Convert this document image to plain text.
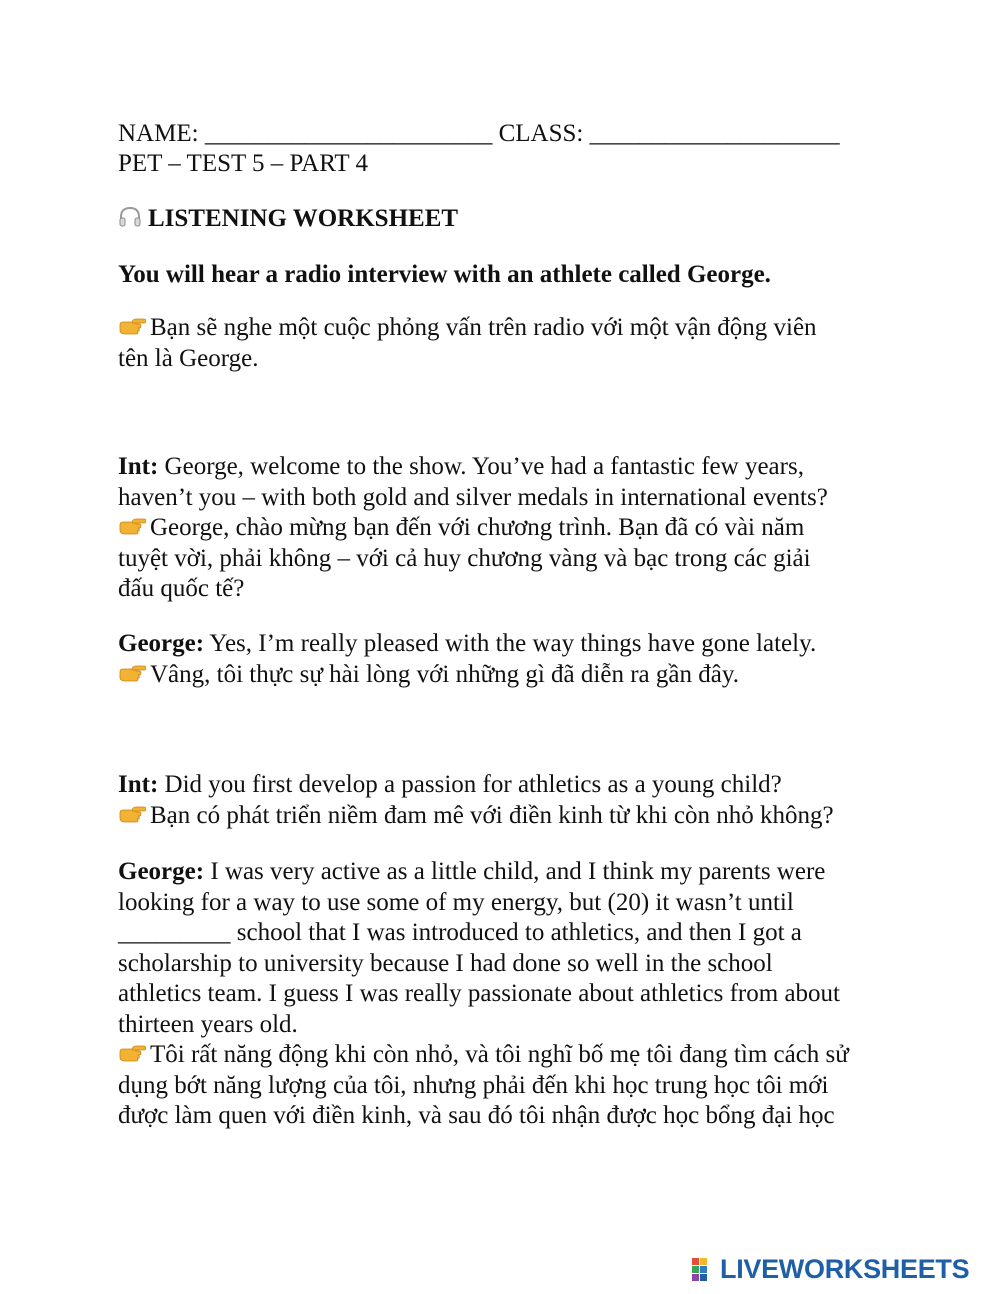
NAME: _______________________ CLASS: ____________________
PET – TEST 5 – PART 4
LISTENING WORKSHEET
You will hear a radio interview with an athlete called George.
Bạn sẽ nghe một cuộc phỏng vấn trên radio với một vận động viên
tên là George.
Int: George, welcome to the show. You’ve had a fantastic few years,
haven’t you – with both gold and silver medals in international events?
George, chào mừng bạn đến với chương trình. Bạn đã có vài năm
tuyệt vời, phải không – với cả huy chương vàng và bạc trong các giải
đấu quốc tế?
George: Yes, I’m really pleased with the way things have gone lately.
Vâng, tôi thực sự hài lòng với những gì đã diễn ra gần đây.
Int: Did you first develop a passion for athletics as a young child?
Bạn có phát triển niềm đam mê với điền kinh từ khi còn nhỏ không?
George: I was very active as a little child, and I think my parents were
looking for a way to use some of my energy, but (20) it wasn’t until
_________ school that I was introduced to athletics, and then I got a
scholarship to university because I had done so well in the school
athletics team. I guess I was really passionate about athletics from about
thirteen years old.
Tôi rất năng động khi còn nhỏ, và tôi nghĩ bố mẹ tôi đang tìm cách sử
dụng bớt năng lượng của tôi, nhưng phải đến khi học trung học tôi mới
được làm quen với điền kinh, và sau đó tôi nhận được học bổng đại học
LIVEWORKSHEETS
